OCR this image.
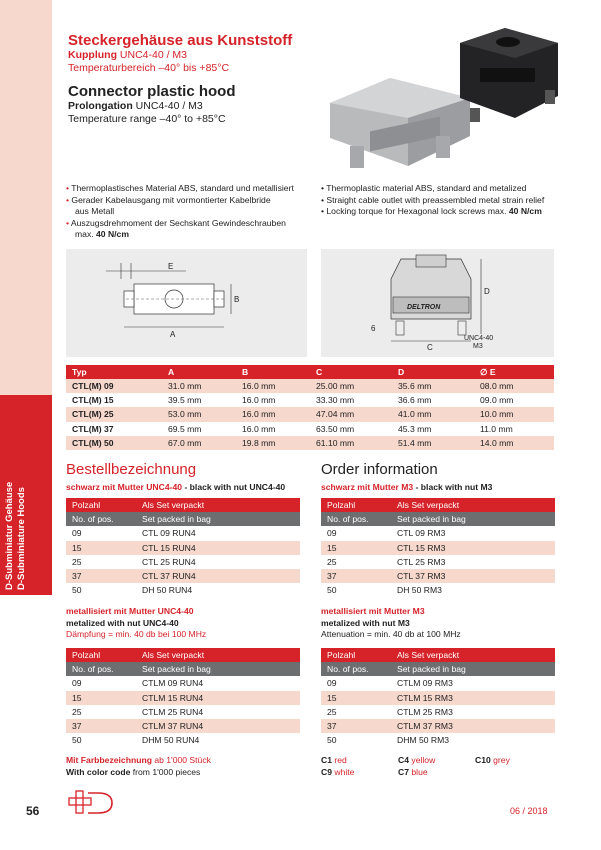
D-Subminiatur Gehäuse D-Subminiature Hoods
Steckergehäuse aus Kunststoff
Kupplung UNC4-40 / M3
Temperaturbereich –40° bis +85°C
Connector plastic hood
Prolongation UNC4-40 / M3
Temperature range –40° to +85°C
• Thermoplastisches Material ABS, standard und metallisiert
• Gerader Kabelausgang mit vormontierter Kabelbride
aus Metall
• Auszugsdrehmoment der Sechskant Gewindeschrauben
max. 40 N/cm
• Thermoplastic material ABS, standard and metalized
• Straight cable outlet with preassembled metal strain relief
• Locking torque for Hexagonal lock screws max. 40 N/cm
E
A
B
DELTRON
C
D
6
UNC4-40
M3
Typ	A	B	C	D	∅ E
CTL(M) 09	31.0 mm	16.0 mm	25.00 mm	35.6 mm	08.0 mm
CTL(M) 15	39.5 mm	16.0 mm	33.30 mm	36.6 mm	09.0 mm
CTL(M) 25	53.0 mm	16.0 mm	47.04 mm	41.0 mm	10.0 mm
CTL(M) 37	69.5 mm	16.0 mm	63.50 mm	45.3 mm	11.0 mm
CTL(M) 50	67.0 mm	19.8 mm	61.10 mm	51.4 mm	14.0 mm
Bestellbezeichnung	Order information
schwarz mit Mutter UNC4-40 - black with nut UNC4-40	schwarz mit Mutter M3 - black with nut M3
Polzahl	Als Set verpackt
No. of pos.	Set packed in bag
09	CTL 09 RUN4
15	CTL 15 RUN4
25	CTL 25 RUN4
37	CTL 37 RUN4
50	DH 50 RUN4
Polzahl	Als Set verpackt
No. of pos.	Set packed in bag
09	CTL 09 RM3
15	CTL 15 RM3
25	CTL 25 RM3
37	CTL 37 RM3
50	DH 50 RM3
metallisiert mit Mutter UNC4-40
metalized with nut UNC4-40
Dämpfung = min. 40 db bei 100 MHz
metallisiert mit Mutter M3
metalized with nut M3
Attenuation = min. 40 db at 100 MHz
Polzahl	Als Set verpackt
No. of pos.	Set packed in bag
09	CTLM 09 RUN4
15	CTLM 15 RUN4
25	CTLM 25 RUN4
37	CTLM 37 RUN4
50	DHM 50 RUN4
Polzahl	Als Set verpackt
No. of pos.	Set packed in bag
09	CTLM 09 RM3
15	CTLM 15 RM3
25	CTLM 25 RM3
37	CTLM 37 RM3
50	DHM 50 RM3
Mit Farbbezeichnung ab 1'000 Stück
With color code from 1'000 pieces
C1 red	C4 yellow	C10 grey
C9 white	C7 blue
56	06 / 2018
